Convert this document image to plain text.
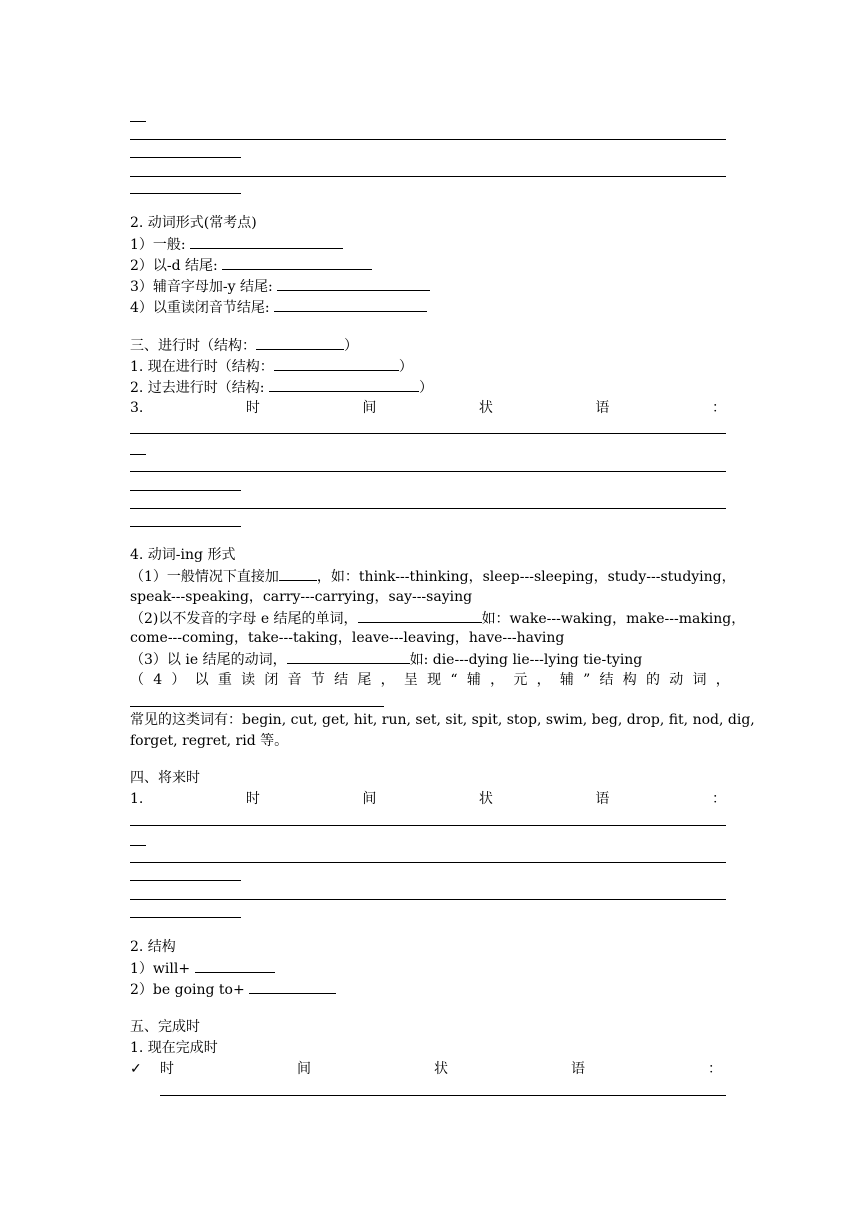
2. 动词形式(常考点)
1）一般:
2）以-d 结尾:
3）辅音字母加-y 结尾:
4）以重读闭音节结尾:
三、进行时（结构：	）
1. 现在进行时（结构：	）
2. 过去进行时（结构:	）
3.	时	间	状	语	：
4. 动词-ing 形式
（1）一般情况下直接加	，如：think---thinking，sleep---sleeping，study---studying，
speak---speaking，carry---carrying，say---saying
（2)以不发音的字母 e 结尾的单词，	如：wake---waking，make---making，
come---coming，take---taking，leave---leaving，have---having
（3）以 ie 结尾的动词，	如: die---dying lie---lying tie-tying
（ 4 ） 以 重 读 闭 音 节 结 尾 ， 呈 现 “ 辅 ， 元 ， 辅 ” 结 构 的 动 词 ，
常见的这类词有：begin, cut, get, hit, run, set, sit, spit, stop, swim, beg, drop, fit, nod, dig,
forget, regret, rid 等。
四、将来时
1.	时	间	状	语	：
2. 结构
1）will+
2）be going to+
五、完成时
1. 现在完成时
✓ 时	间	状	语	：
